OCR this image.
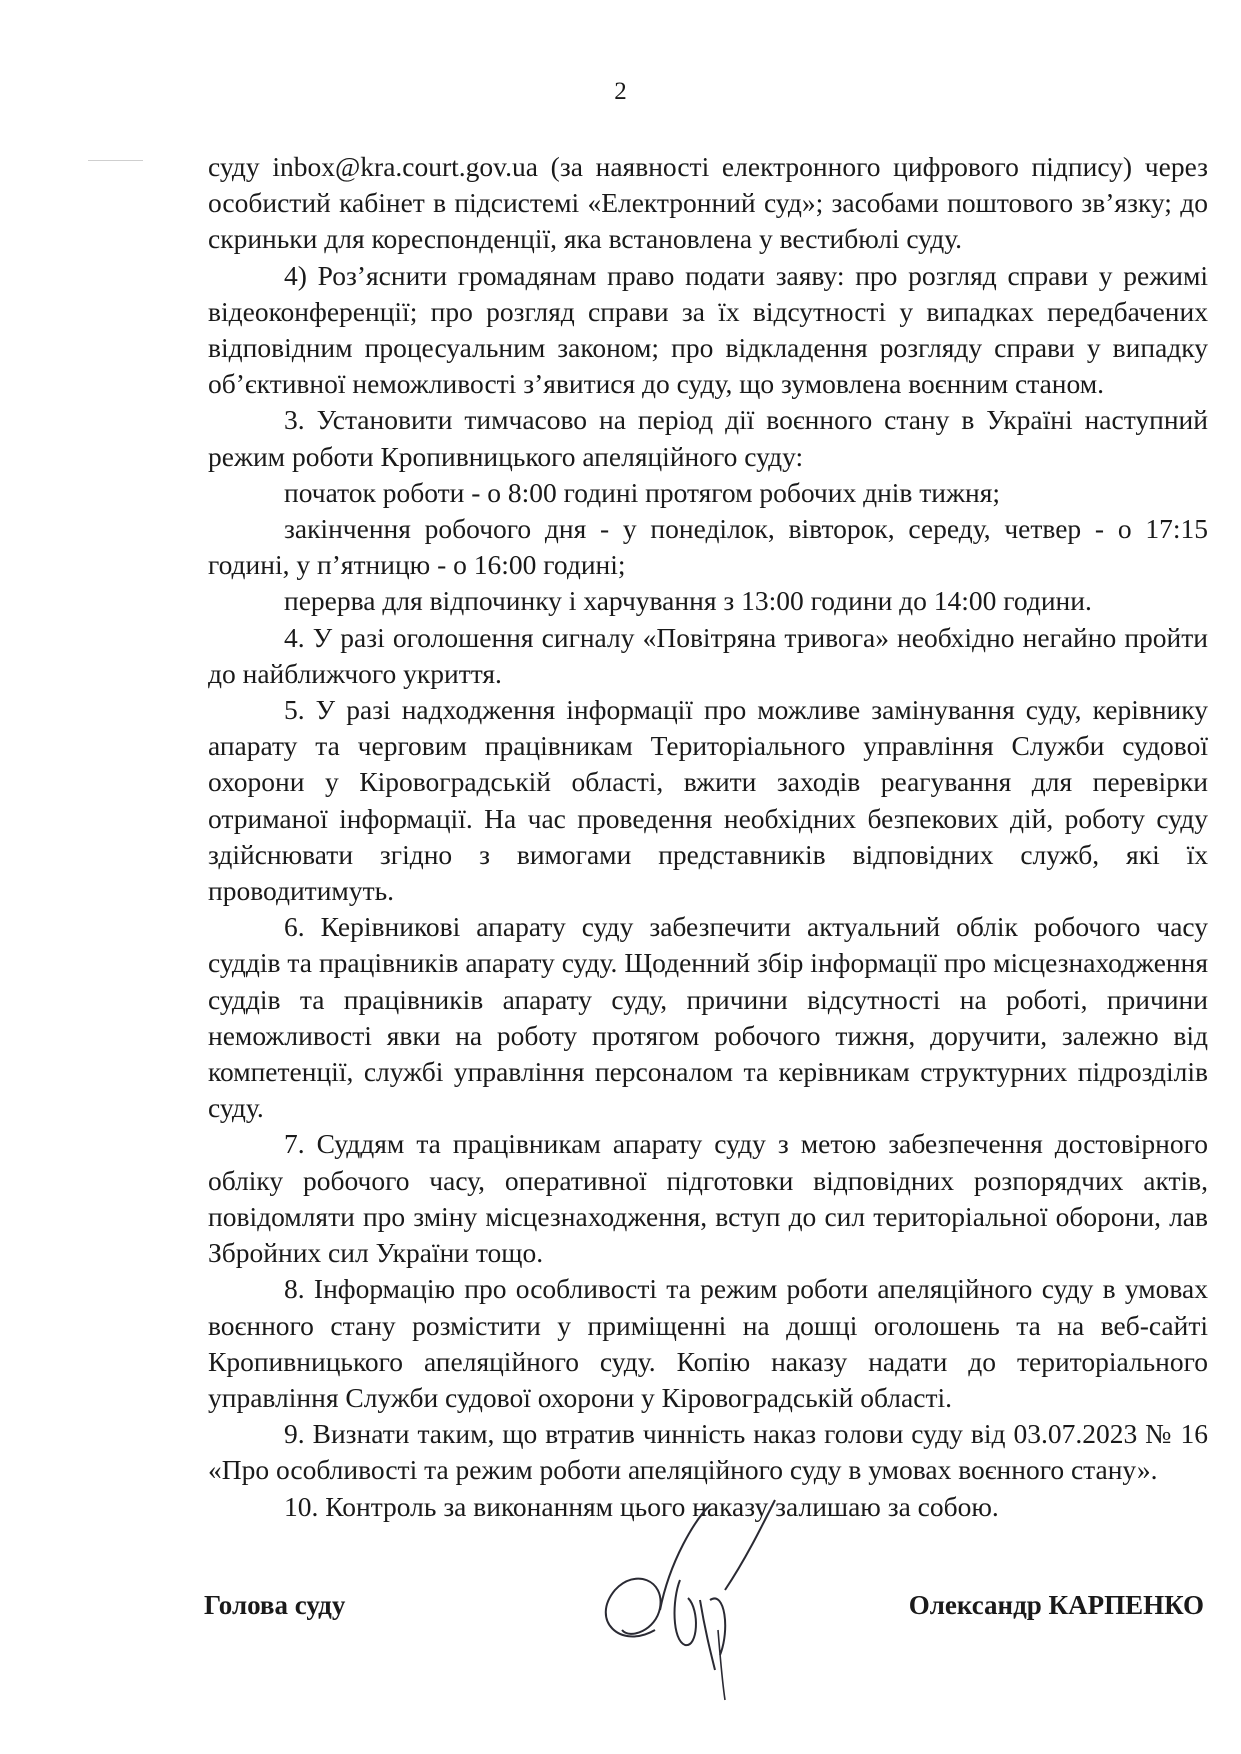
2

суду inbox@kra.court.gov.ua (за наявності електронного цифрового підпису) через особистий кабінет в підсистемі «Електронний суд»; засобами поштового зв’язку; до скриньки для кореспонденції, яка встановлена у вестибюлі суду.

4) Роз’яснити громадянам право подати заяву: про розгляд справи у режимі відеоконференції; про розгляд справи за їх відсутності у випадках передбачених відповідним процесуальним законом; про відкладення розгляду справи у випадку об’єктивної неможливості з’явитися до суду, що зумовлена воєнним станом.

3. Установити тимчасово на період дії воєнного стану в Україні наступний режим роботи Кропивницького апеляційного суду:

початок роботи - о 8:00 годині протягом робочих днів тижня;

закінчення робочого дня - у понеділок, вівторок, середу, четвер - о 17:15 годині, у п’ятницю - о 16:00 годині;

перерва для відпочинку і харчування з 13:00 години до 14:00 години.

4. У разі оголошення сигналу «Повітряна тривога» необхідно негайно пройти до найближчого укриття.

5. У разі надходження інформації про можливе замінування суду, керівнику апарату та черговим працівникам Територіального управління Служби судової охорони у Кіровоградській області, вжити заходів реагування для перевірки отриманої інформації. На час проведення необхідних безпекових дій, роботу суду здійснювати згідно з вимогами представників відповідних служб, які їх проводитимуть.

6. Керівникові апарату суду забезпечити актуальний облік робочого часу суддів та працівників апарату суду. Щоденний збір інформації про місцезнаходження суддів та працівників апарату суду, причини відсутності на роботі, причини неможливості явки на роботу протягом робочого тижня, доручити, залежно від компетенції, службі управління персоналом та керівникам структурних підрозділів суду.

7. Суддям та працівникам апарату суду з метою забезпечення достовірного обліку робочого часу, оперативної підготовки відповідних розпорядчих актів, повідомляти про зміну місцезнаходження, вступ до сил територіальної оборони, лав Збройних сил України тощо.

8. Інформацію про особливості та режим роботи апеляційного суду в умовах воєнного стану розмістити у приміщенні на дошці оголошень та на веб-сайті Кропивницького апеляційного суду. Копію наказу надати до територіального управління Служби судової охорони у Кіровоградській області.

9. Визнати таким, що втратив чинність наказ голови суду від 03.07.2023 № 16 «Про особливості та режим роботи апеляційного суду в умовах воєнного стану».

10. Контроль за виконанням цього наказу залишаю за собою.

Голова суду	Олександр КАРПЕНКО
